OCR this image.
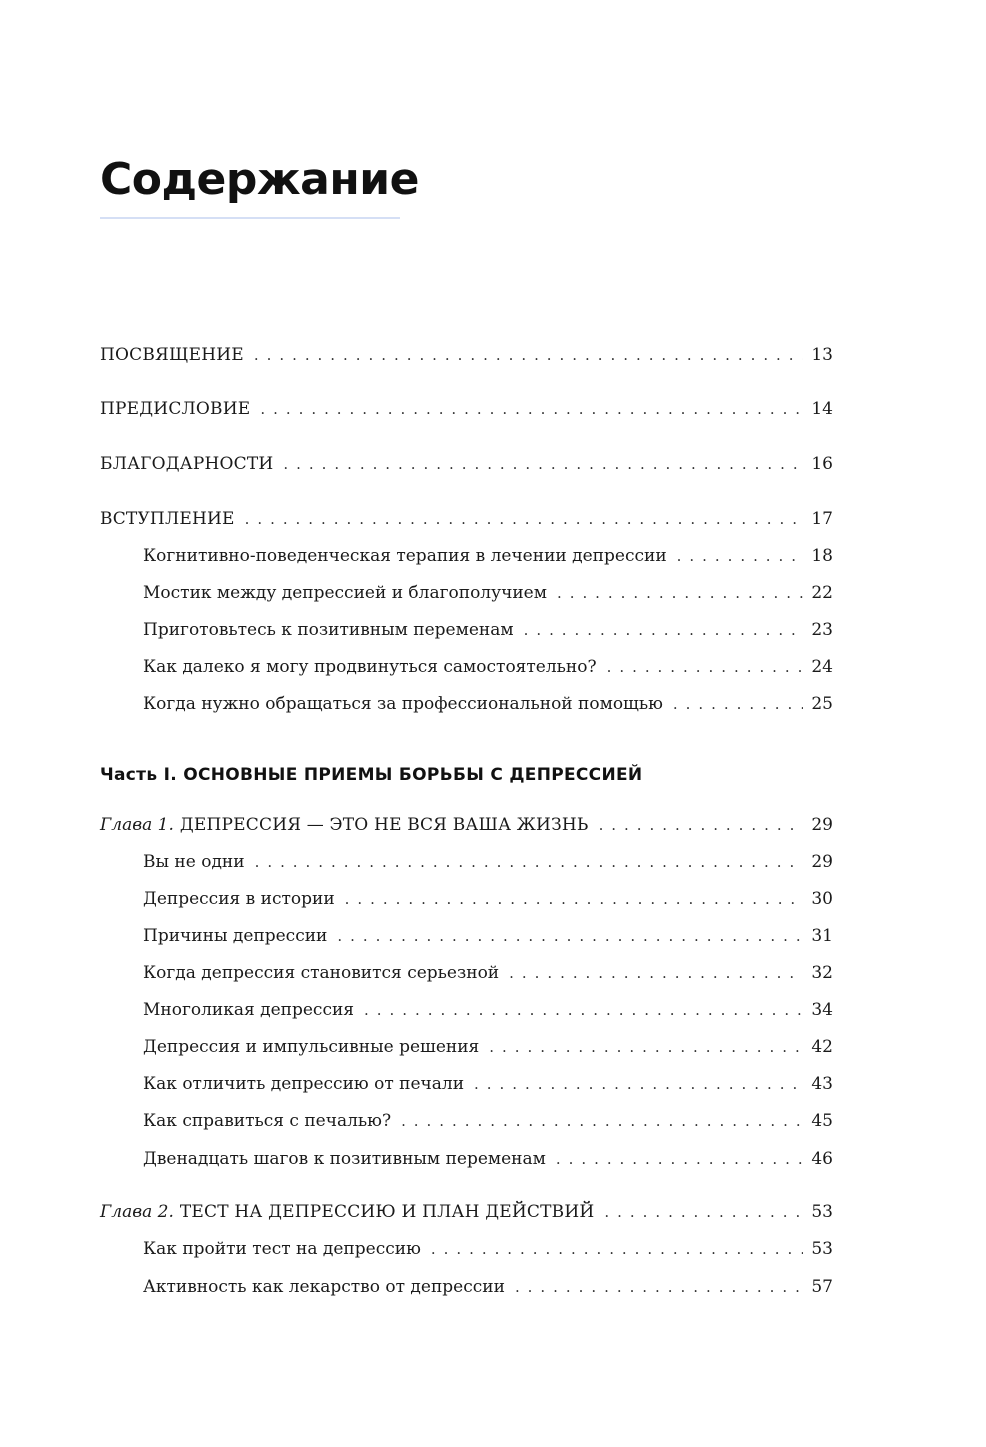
Содержание
ПОСВЯЩЕНИЕ . . .	13
ПРЕДИСЛОВИЕ . . .	14
БЛАГОДАРНОСТИ . . .	16
ВСТУПЛЕНИЕ . . .	17
Когнитивно-поведенческая терапия в лечении депрессии . . .	18
Мостик между депрессией и благополучием . . .	22
Приготовьтесь к позитивным переменам . . .	23
Как далеко я могу продвинуться самостоятельно? . . .	24
Когда нужно обращаться за профессиональной помощью . . .	25
Часть I. ОСНОВНЫЕ ПРИЕМЫ БОРЬБЫ С ДЕПРЕССИЕЙ
Глава 1. ДЕПРЕССИЯ — ЭТО НЕ ВСЯ ВАША ЖИЗНЬ . . .	29
Вы не одни . . .	29
Депрессия в истории . . .	30
Причины депрессии . . .	31
Когда депрессия становится серьезной . . .	32
Многоликая депрессия . . .	34
Депрессия и импульсивные решения . . .	42
Как отличить депрессию от печали . . .	43
Как справиться с печалью? . . .	45
Двенадцать шагов к позитивным переменам . . .	46
Глава 2. ТЕСТ НА ДЕПРЕССИЮ И ПЛАН ДЕЙСТВИЙ . . .	53
Как пройти тест на депрессию . . .	53
Активность как лекарство от депрессии . . .	57
